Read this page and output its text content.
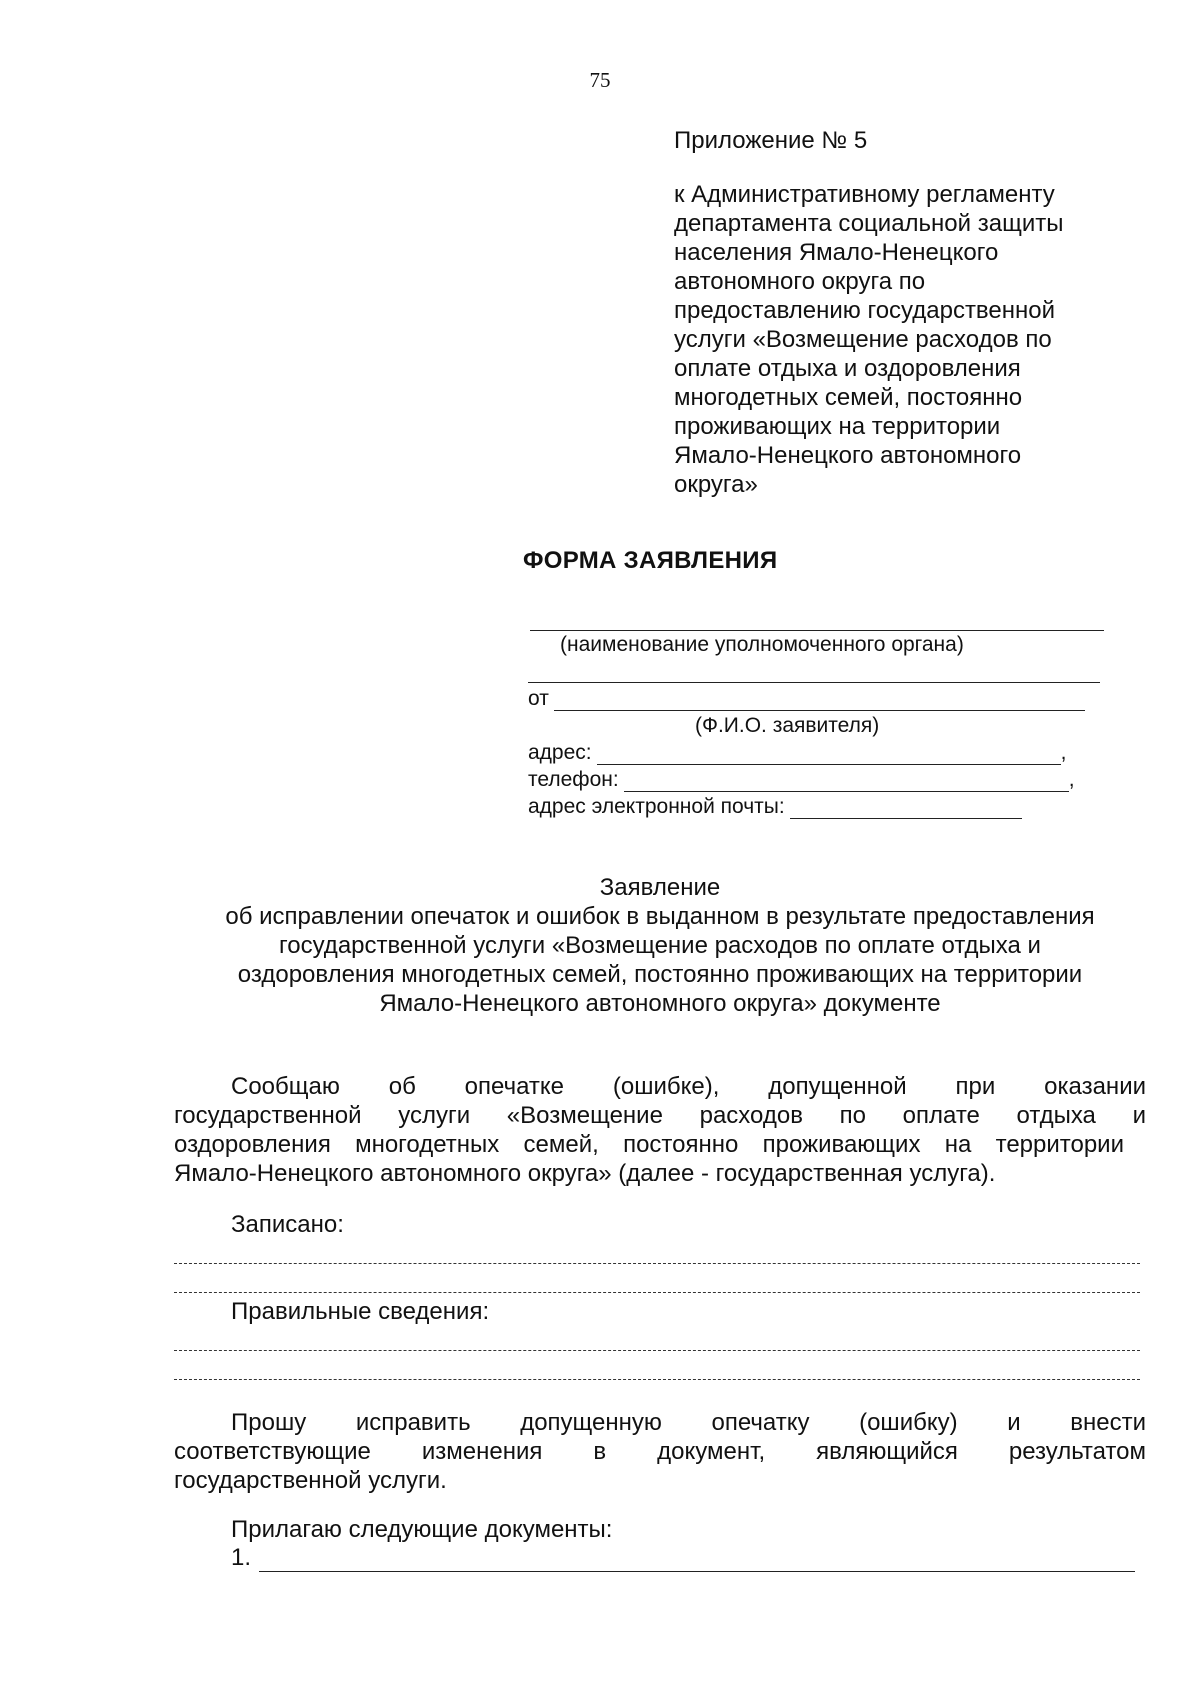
75
Приложение № 5
к Административному регламенту
департамента социальной защиты
населения Ямало-Ненецкого
автономного округа по
предоставлению государственной
услуги «Возмещение расходов по
оплате отдыха и оздоровления
многодетных семей, постоянно
проживающих на территории
Ямало-Ненецкого автономного
округа»
ФОРМА ЗАЯВЛЕНИЯ
(наименование уполномоченного органа)
от
(Ф.И.О. заявителя)
адрес:	,
телефон:	,
адрес электронной почты:
Заявление
об исправлении опечаток и ошибок в выданном в результате предоставления
государственной услуги «Возмещение расходов по оплате отдыха и
оздоровления многодетных семей, постоянно проживающих на территории
Ямало-Ненецкого автономного округа» документе
Сообщаю об опечатке (ошибке), допущенной при оказании
государственной услуги «Возмещение расходов по оплате отдыха и
оздоровления многодетных семей, постоянно проживающих на территории
Ямало-Ненецкого автономного округа» (далее - государственная услуга).
Записано:
Правильные сведения:
Прошу исправить допущенную опечатку (ошибку) и внести
соответствующие изменения в документ, являющийся результатом
государственной услуги.
Прилагаю следующие документы:
1.
